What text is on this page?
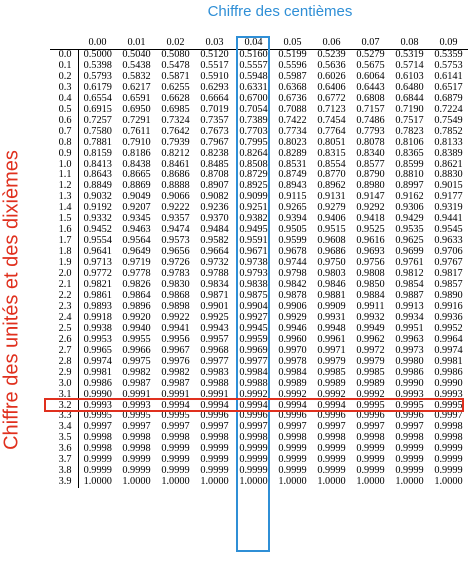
Chiffre des centièmes
Chiffre des unités et des dixièmes
	0.00	0.01	0.02	0.03	0.04	0.05	0.06	0.07	0.08	0.09
0.0	0.5000	0.5040	0.5080	0.5120	0.5160	0.5199	0.5239	0.5279	0.5319	0.5359
0.1	0.5398	0.5438	0.5478	0.5517	0.5557	0.5596	0.5636	0.5675	0.5714	0.5753
0.2	0.5793	0.5832	0.5871	0.5910	0.5948	0.5987	0.6026	0.6064	0.6103	0.6141
0.3	0.6179	0.6217	0.6255	0.6293	0.6331	0.6368	0.6406	0.6443	0.6480	0.6517
0.4	0.6554	0.6591	0.6628	0.6664	0.6700	0.6736	0.6772	0.6808	0.6844	0.6879
0.5	0.6915	0.6950	0.6985	0.7019	0.7054	0.7088	0.7123	0.7157	0.7190	0.7224
0.6	0.7257	0.7291	0.7324	0.7357	0.7389	0.7422	0.7454	0.7486	0.7517	0.7549
0.7	0.7580	0.7611	0.7642	0.7673	0.7703	0.7734	0.7764	0.7793	0.7823	0.7852
0.8	0.7881	0.7910	0.7939	0.7967	0.7995	0.8023	0.8051	0.8078	0.8106	0.8133
0.9	0.8159	0.8186	0.8212	0.8238	0.8264	0.8289	0.8315	0.8340	0.8365	0.8389
1.0	0.8413	0.8438	0.8461	0.8485	0.8508	0.8531	0.8554	0.8577	0.8599	0.8621
1.1	0.8643	0.8665	0.8686	0.8708	0.8729	0.8749	0.8770	0.8790	0.8810	0.8830
1.2	0.8849	0.8869	0.8888	0.8907	0.8925	0.8943	0.8962	0.8980	0.8997	0.9015
1.3	0.9032	0.9049	0.9066	0.9082	0.9099	0.9115	0.9131	0.9147	0.9162	0.9177
1.4	0.9192	0.9207	0.9222	0.9236	0.9251	0.9265	0.9279	0.9292	0.9306	0.9319
1.5	0.9332	0.9345	0.9357	0.9370	0.9382	0.9394	0.9406	0.9418	0.9429	0.9441
1.6	0.9452	0.9463	0.9474	0.9484	0.9495	0.9505	0.9515	0.9525	0.9535	0.9545
1.7	0.9554	0.9564	0.9573	0.9582	0.9591	0.9599	0.9608	0.9616	0.9625	0.9633
1.8	0.9641	0.9649	0.9656	0.9664	0.9671	0.9678	0.9686	0.9693	0.9699	0.9706
1.9	0.9713	0.9719	0.9726	0.9732	0.9738	0.9744	0.9750	0.9756	0.9761	0.9767
2.0	0.9772	0.9778	0.9783	0.9788	0.9793	0.9798	0.9803	0.9808	0.9812	0.9817
2.1	0.9821	0.9826	0.9830	0.9834	0.9838	0.9842	0.9846	0.9850	0.9854	0.9857
2.2	0.9861	0.9864	0.9868	0.9871	0.9875	0.9878	0.9881	0.9884	0.9887	0.9890
2.3	0.9893	0.9896	0.9898	0.9901	0.9904	0.9906	0.9909	0.9911	0.9913	0.9916
2.4	0.9918	0.9920	0.9922	0.9925	0.9927	0.9929	0.9931	0.9932	0.9934	0.9936
2.5	0.9938	0.9940	0.9941	0.9943	0.9945	0.9946	0.9948	0.9949	0.9951	0.9952
2.6	0.9953	0.9955	0.9956	0.9957	0.9959	0.9960	0.9961	0.9962	0.9963	0.9964
2.7	0.9965	0.9966	0.9967	0.9968	0.9969	0.9970	0.9971	0.9972	0.9973	0.9974
2.8	0.9974	0.9975	0.9976	0.9977	0.9977	0.9978	0.9979	0.9979	0.9980	0.9981
2.9	0.9981	0.9982	0.9982	0.9983	0.9984	0.9984	0.9985	0.9985	0.9986	0.9986
3.0	0.9986	0.9987	0.9987	0.9988	0.9988	0.9989	0.9989	0.9989	0.9990	0.9990
3.1	0.9990	0.9991	0.9991	0.9991	0.9992	0.9992	0.9992	0.9992	0.9993	0.9993
3.2	0.9993	0.9993	0.9994	0.9994	0.9994	0.9994	0.9994	0.9995	0.9995	0.9995
3.3	0.9995	0.9995	0.9995	0.9996	0.9996	0.9996	0.9996	0.9996	0.9996	0.9997
3.4	0.9997	0.9997	0.9997	0.9997	0.9997	0.9997	0.9997	0.9997	0.9997	0.9998
3.5	0.9998	0.9998	0.9998	0.9998	0.9998	0.9998	0.9998	0.9998	0.9998	0.9998
3.6	0.9998	0.9998	0.9999	0.9999	0.9999	0.9999	0.9999	0.9999	0.9999	0.9999
3.7	0.9999	0.9999	0.9999	0.9999	0.9999	0.9999	0.9999	0.9999	0.9999	0.9999
3.8	0.9999	0.9999	0.9999	0.9999	0.9999	0.9999	0.9999	0.9999	0.9999	0.9999
3.9	1.0000	1.0000	1.0000	1.0000	1.0000	1.0000	1.0000	1.0000	1.0000	1.0000
